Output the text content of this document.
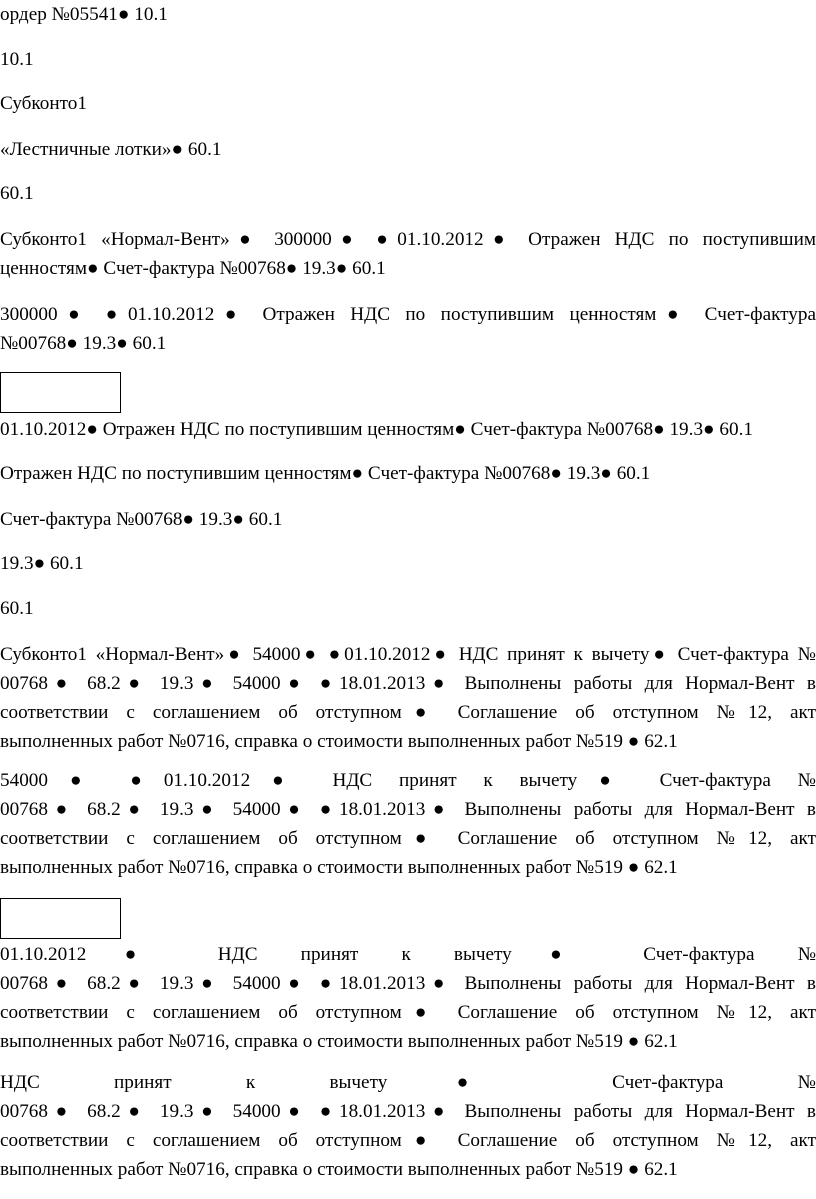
ордер №05541● 10.1

10.1

Субконто1

«Лестничные лотки»● 60.1

60.1

Субконто1 «Нормал-Вент»● 300000● ●01.10.2012● Отражен НДС по поступившим

ценностям● Счет-фактура №00768● 19.3● 60.1

300000● ●01.10.2012● Отражен НДС по поступившим ценностям● Счет-фактура

№00768● 19.3● 60.1

01.10.2012● Отражен НДС по поступившим ценностям● Счет-фактура №00768● 19.3● 60.1

Отражен НДС по поступившим ценностям● Счет-фактура №00768● 19.3● 60.1

Счет-фактура №00768● 19.3● 60.1

19.3● 60.1

60.1

Субконто1 «Нормал-Вент»● 54000● ●01.10.2012● НДС принят к вычету● Счет-фактура №

00768● 68.2● 19.3● 54000● ●18.01.2013● Выполнены работы для Нормал-Вент в

соответствии с соглашением об отступном● Соглашение об отступном №12, акт

выполненных работ №0716, справка о стоимости выполненных работ №519 ● 62.1

54000● ●01.10.2012● НДС принят к вычету● Счет-фактура №

00768● 68.2● 19.3● 54000● ●18.01.2013● Выполнены работы для Нормал-Вент в

соответствии с соглашением об отступном● Соглашение об отступном №12, акт

выполненных работ №0716, справка о стоимости выполненных работ №519 ● 62.1

01.10.2012● НДС принят к вычету● Счет-фактура №

00768● 68.2● 19.3● 54000● ●18.01.2013● Выполнены работы для Нормал-Вент в

соответствии с соглашением об отступном● Соглашение об отступном №12, акт

выполненных работ №0716, справка о стоимости выполненных работ №519 ● 62.1

НДС принят к вычету● Счет-фактура №

00768● 68.2● 19.3● 54000● ●18.01.2013● Выполнены работы для Нормал-Вент в

соответствии с соглашением об отступном● Соглашение об отступном №12, акт

выполненных работ №0716, справка о стоимости выполненных работ №519 ● 62.1
